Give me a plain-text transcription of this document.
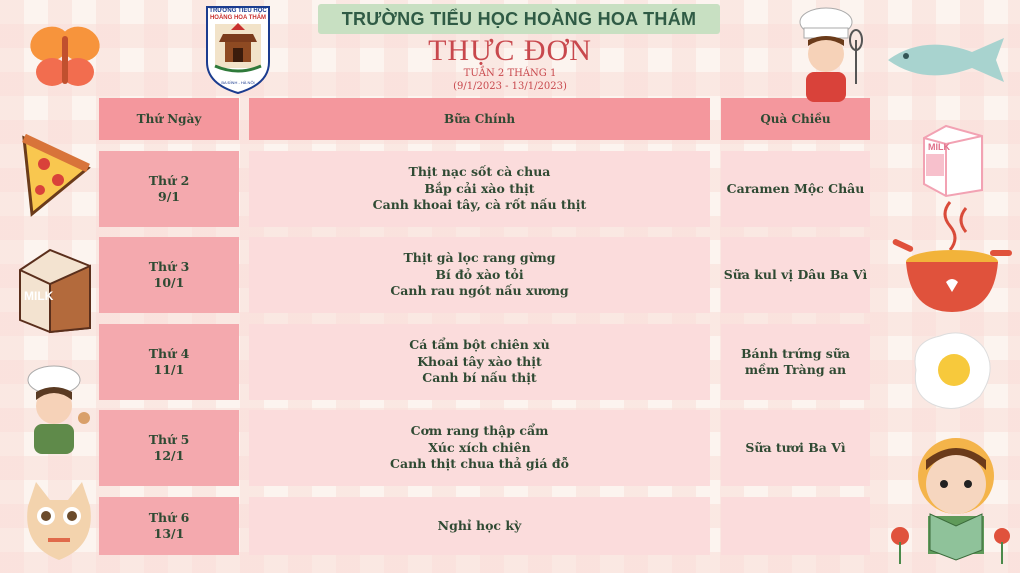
TRƯỜNG TIỂU HỌC HOÀNG HOA THÁM
THỰC ĐƠN
TUẦN 2 THÁNG 1
(9/1/2023 - 13/1/2023)
TRƯỜNG TIỂU HỌC
HOÀNG HOA THÁM
BA ĐÌNH - HÀ NỘI
Thứ Ngày	Bữa Chính	Quà Chiều
Thứ 2
9/1
Thịt nạc sốt cà chua
Bắp cải xào thịt
Canh khoai tây, cà rốt nấu thịt
Caramen Mộc Châu
Thứ 3
10/1
Thịt gà lọc rang gừng
Bí đỏ xào tỏi
Canh rau ngót nấu xương
Sữa kul vị Dâu Ba Vì
Thứ 4
11/1
Cá tẩm bột chiên xù
Khoai tây xào thịt
Canh bí nấu thịt
Bánh trứng sữa
mềm Tràng an
Thứ 5
12/1
Cơm rang thập cẩm
Xúc xích chiên
Canh thịt chua thả giá đỗ
Sữa tươi Ba Vì
Thứ 6
13/1
Nghỉ học kỳ
MILK
MILK
